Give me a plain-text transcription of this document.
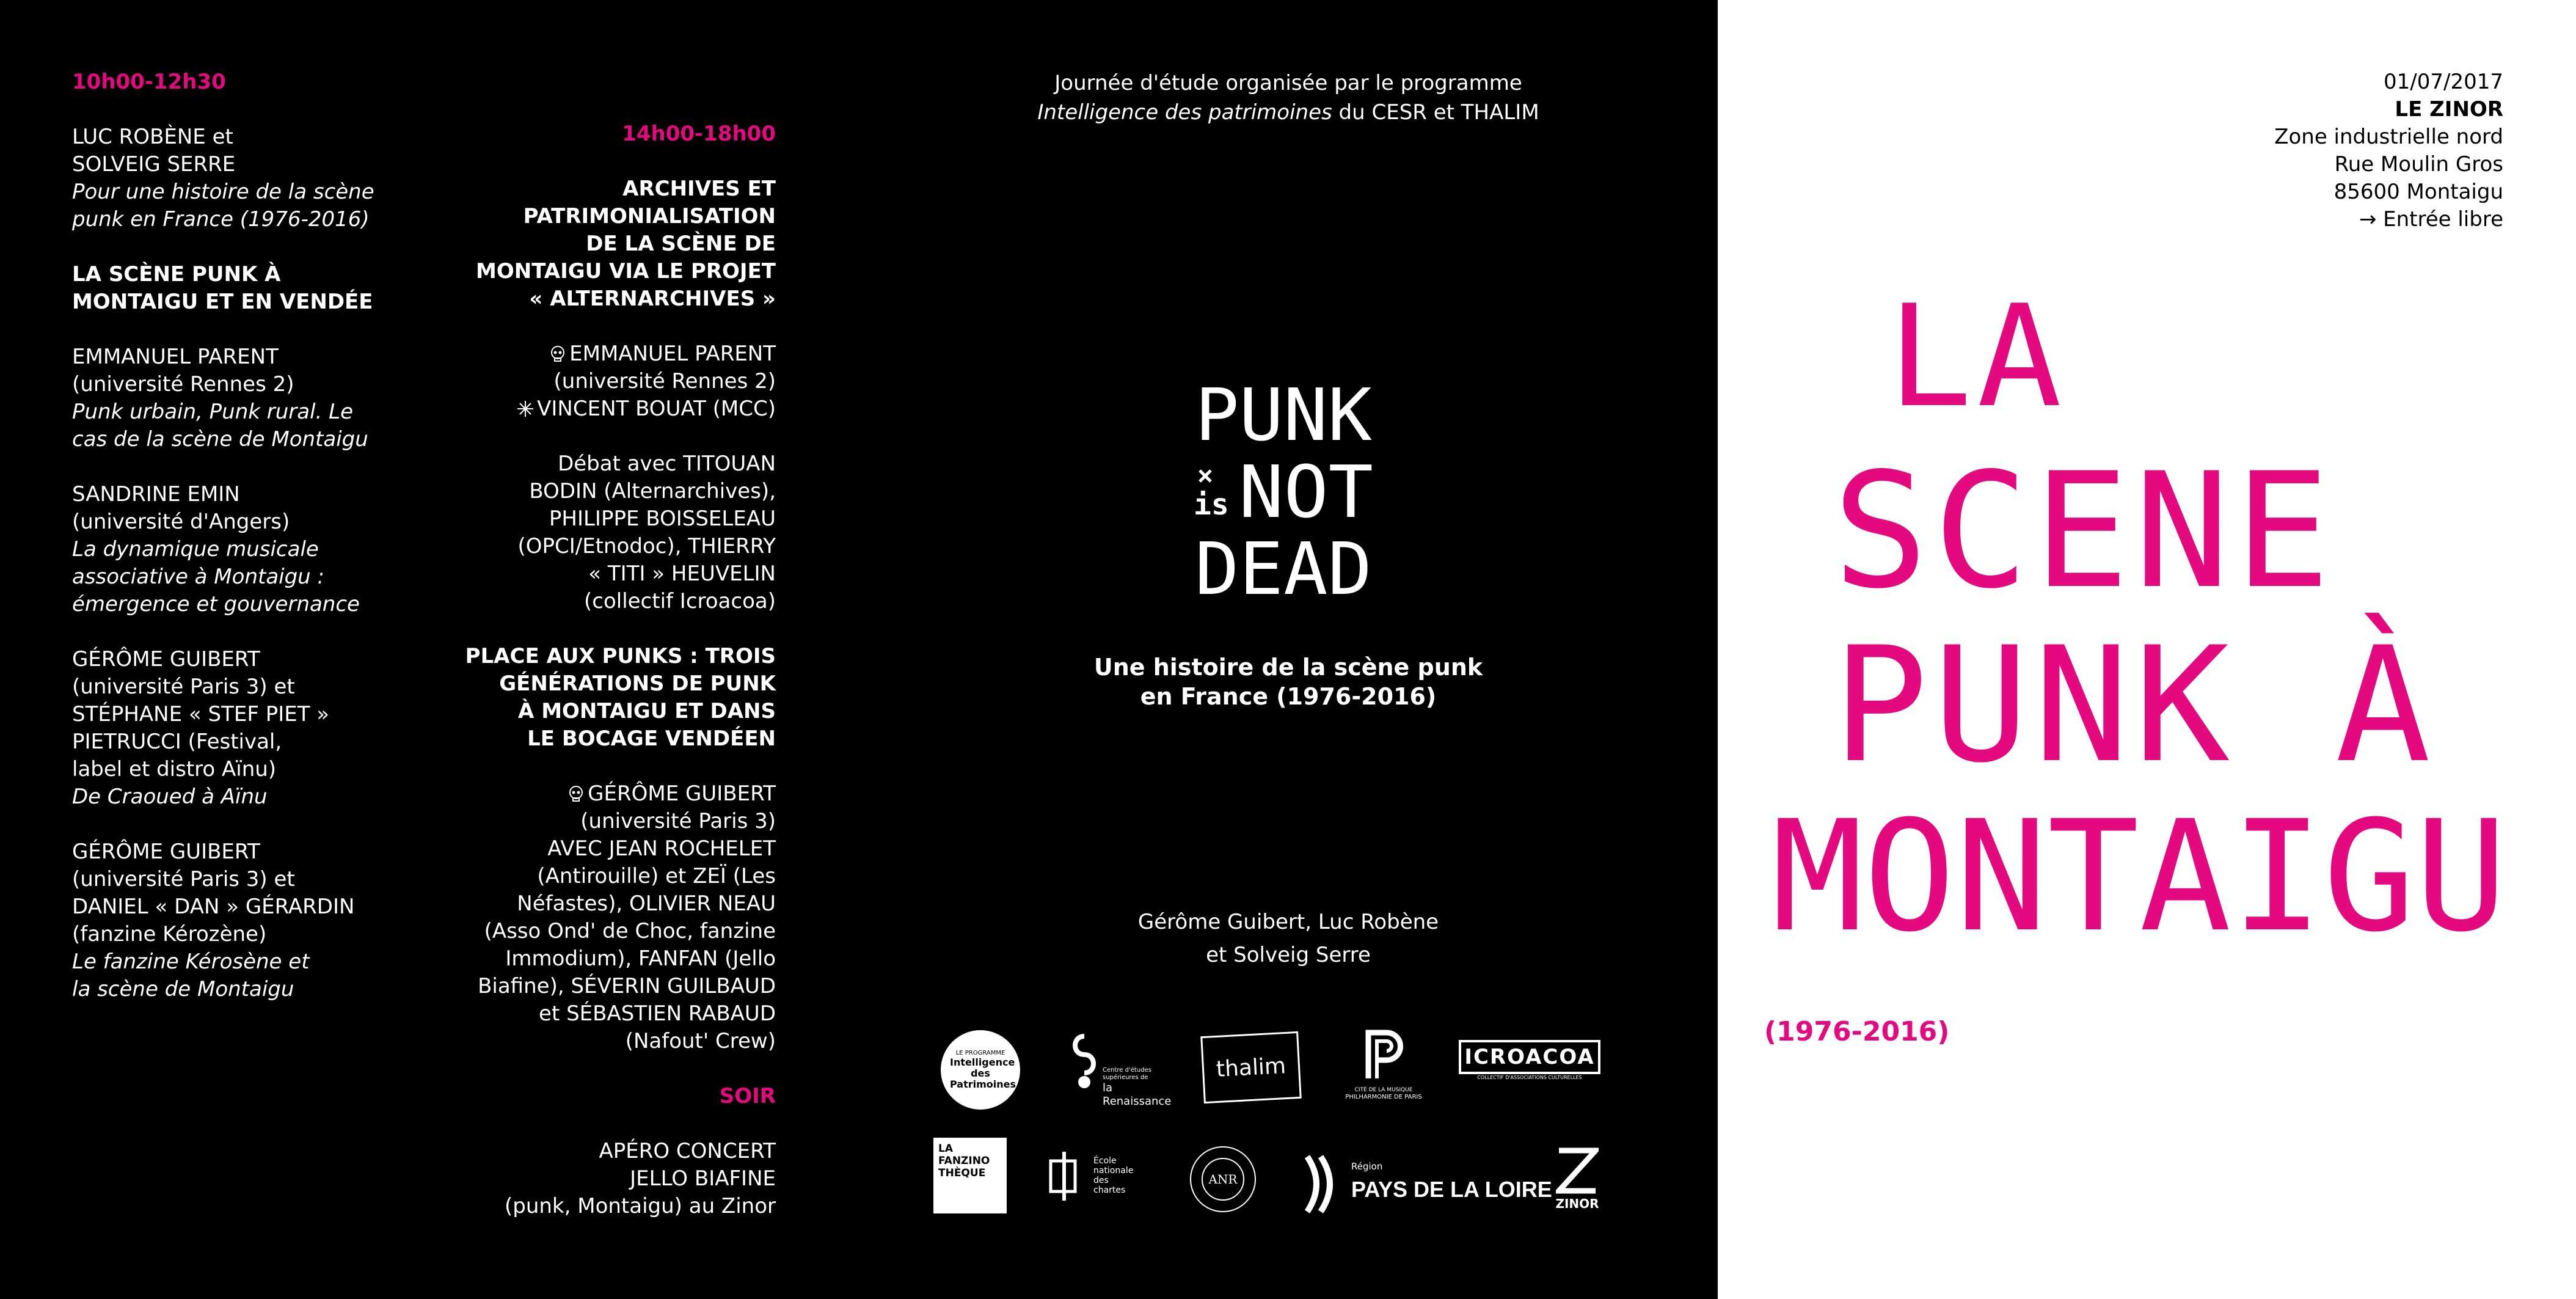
10h00-12h30
LUC ROBÈNE et
SOLVEIG SERRE
Pour une histoire de la scène
punk en France (1976-2016)
LA SCÈNE PUNK À
MONTAIGU ET EN VENDÉE
EMMANUEL PARENT
(université Rennes 2)
Punk urbain, Punk rural. Le
cas de la scène de Montaigu
SANDRINE EMIN
(université d'Angers)
La dynamique musicale
associative à Montaigu :
émergence et gouvernance
GÉRÔME GUIBERT
(université Paris 3) et
STÉPHANE « STEF PIET »
PIETRUCCI (Festival,
label et distro Aïnu)
De Craoued à Aïnu
GÉRÔME GUIBERT
(université Paris 3) et
DANIEL « DAN » GÉRARDIN
(fanzine Kérozène)
Le fanzine Kérosène et
la scène de Montaigu
14h00-18h00
ARCHIVES ET
PATRIMONIALISATION
DE LA SCÈNE DE
MONTAIGU VIA LE PROJET
« ALTERNARCHIVES »
EMMANUEL PARENT
(université Rennes 2)
VINCENT BOUAT (MCC)
Débat avec TITOUAN
BODIN (Alternarchives),
PHILIPPE BOISSELEAU
(OPCI/Etnodoc), THIERRY
« TITI » HEUVELIN
(collectif Icroacoa)
PLACE AUX PUNKS : TROIS
GÉNÉRATIONS DE PUNK
À MONTAIGU ET DANS
LE BOCAGE VENDÉEN
GÉRÔME GUIBERT
(université Paris 3)
AVEC JEAN ROCHELET
(Antirouille) et ZEÏ (Les
Néfastes), OLIVIER NEAU
(Asso Ond' de Choc, fanzine
Immodium), FANFAN (Jello
Biafine), SÉVERIN GUILBAUD
et SÉBASTIEN RABAUD
(Nafout' Crew)
SOIR
APÉRO CONCERT
JELLO BIAFINE
(punk, Montaigu) au Zinor
Journée d'étude organisée par le programme
Intelligence des patrimoines du CESR et THALIM
PUNK
is NOT
DEAD
Une histoire de la scène punk
en France (1976-2016)
Gérôme Guibert, Luc Robène
et Solveig Serre
LE PROGRAMME
Intelligence des Patrimoines
Centre d'études supérieures de
la Renaissance
thalim
CITÉ DE LA MUSIQUE
PHILHARMONIE DE PARIS
ICROACOA
COLLECTIF D'ASSOCIATIONS CULTURELLES
LA
FANZINO
THÈQUE
École
nationale
des
chartes
ANR
Région
PAYS DE LA LOIRE
ZINOR
01/07/2017
LE ZINOR
Zone industrielle nord
Rue Moulin Gros
85600 Montaigu
→ Entrée libre
LA
SCENE
PUNK À
MONTAIGU
(1976-2016)
